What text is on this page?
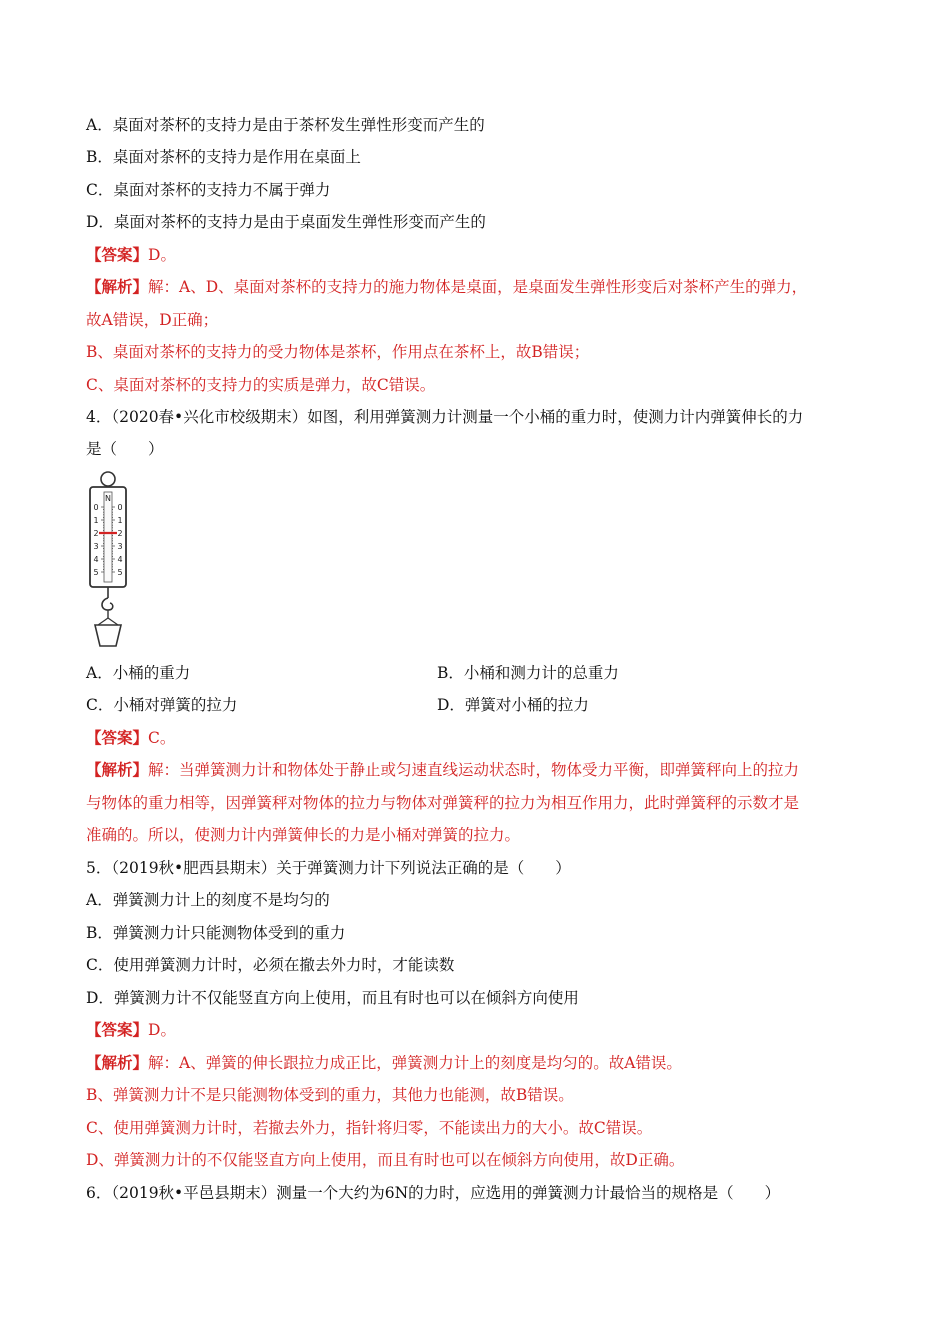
A．桌面对茶杯的支持力是由于茶杯发生弹性形变而产生的
B．桌面对茶杯的支持力是作用在桌面上
C．桌面对茶杯的支持力不属于弹力
D．桌面对茶杯的支持力是由于桌面发生弹性形变而产生的
【答案】D。
【解析】解：A、D、桌面对茶杯的支持力的施力物体是桌面，是桌面发生弹性形变后对茶杯产生的弹力，
故A错误，D正确；
B、桌面对茶杯的支持力的受力物体是茶杯，作用点在茶杯上，故B错误；
C、桌面对茶杯的支持力的实质是弹力，故C错误。
4．（2020春•兴化市校级期末）如图，利用弹簧测力计测量一个小桶的重力时，使测力计内弹簧伸长的力
是（　　）
N
0
1
2
3
4
5
0
1
2
3
4
5
A．小桶的重力	B．小桶和测力计的总重力
C．小桶对弹簧的拉力	D．弹簧对小桶的拉力
【答案】C。
【解析】解：当弹簧测力计和物体处于静止或匀速直线运动状态时，物体受力平衡，即弹簧秤向上的拉力
与物体的重力相等，因弹簧秤对物体的拉力与物体对弹簧秤的拉力为相互作用力，此时弹簧秤的示数才是
准确的。所以，使测力计内弹簧伸长的力是小桶对弹簧的拉力。
5．（2019秋•肥西县期末）关于弹簧测力计下列说法正确的是（　　）
A．弹簧测力计上的刻度不是均匀的
B．弹簧测力计只能测物体受到的重力
C．使用弹簧测力计时，必须在撤去外力时，才能读数
D．弹簧测力计不仅能竖直方向上使用，而且有时也可以在倾斜方向使用
【答案】D。
【解析】解：A、弹簧的伸长跟拉力成正比，弹簧测力计上的刻度是均匀的。故A错误。
B、弹簧测力计不是只能测物体受到的重力，其他力也能测，故B错误。
C、使用弹簧测力计时，若撤去外力，指针将归零，不能读出力的大小。故C错误。
D、弹簧测力计的不仅能竖直方向上使用，而且有时也可以在倾斜方向使用，故D正确。
6．（2019秋•平邑县期末）测量一个大约为6N的力时，应选用的弹簧测力计最恰当的规格是（　　）
